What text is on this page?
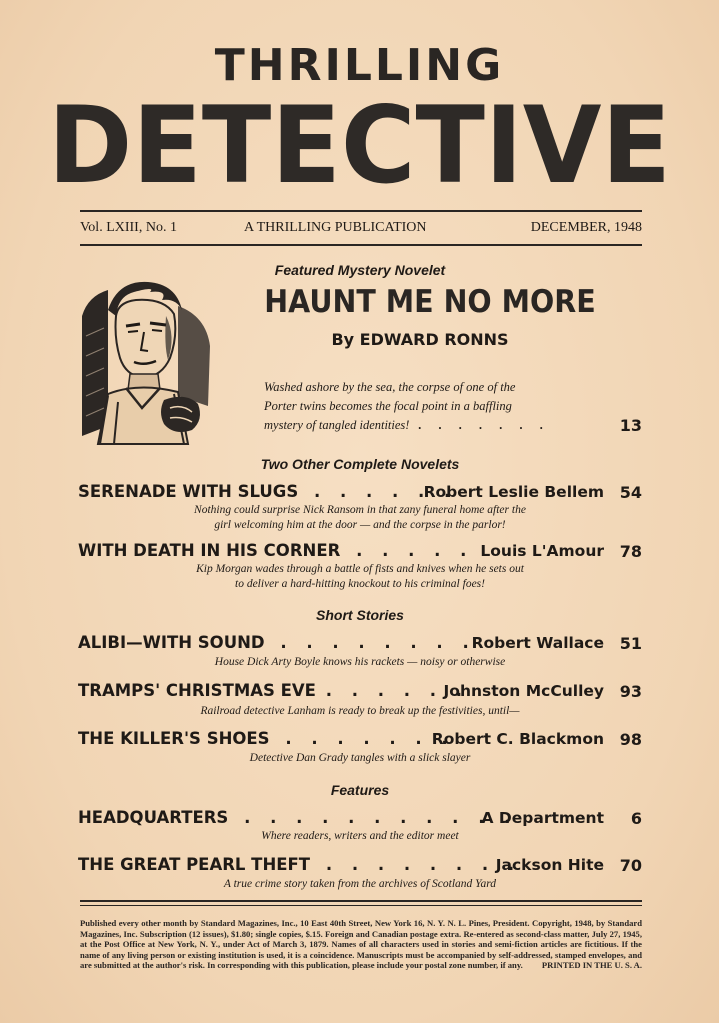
THRILLING
DETECTIVE
Vol. LXIII, No. 1	A THRILLING PUBLICATION	DECEMBER, 1948
Featured Mystery Novelet
HAUNT ME NO MORE
By EDWARD RONNS
Washed ashore by the sea, the corpse of one of the
Porter twins becomes the focal point in a baffling
mystery of tangled identities! . . . . . . .	13
Two Other Complete Novelets
SERENADE WITH SLUGS . . . . . .
Robert Leslie Bellem 54
Nothing could surprise Nick Ransom in that zany funeral home after the
girl welcoming him at the door — and the corpse in the parlor!
WITH DEATH IN HIS CORNER . . . . . Louis L'Amour 78
Kip Morgan wades through a battle of fists and knives when he sets out
to deliver a hard-hitting knockout to his criminal foes!
Short Stories
ALIBI—WITH SOUND . . . . . . . .
Robert Wallace 51
House Dick Arty Boyle knows his rackets — noisy or otherwise
TRAMPS' CHRISTMAS EVE . . . . . .
Johnston McCulley 93
Railroad detective Lanham is ready to break up the festivities, until—
THE KILLER'S SHOES . . . . . . .
Robert C. Blackmon 98
Detective Dan Grady tangles with a slick slayer
Features
HEADQUARTERS . . . . . . . . . . .
A Department	6
Where readers, writers and the editor meet
THE GREAT PEARL THEFT . . . . . . . .
Jackson Hite 70
A true crime story taken from the archives of Scotland Yard
Published every other month by Standard Magazines, Inc., 10 East 40th Street, New York 16, N. Y. N. L. Pines, President. Copyright, 1948, by Standard Magazines, Inc. Subscription (12 issues), $1.80; single copies, $.15. Foreign and Canadian postage extra. Re-entered as second-class matter, July 27, 1945, at the Post Office at New York, N. Y., under Act of March 3, 1879. Names of all characters used in stories and semi-fiction articles are fictitious. If the name of any living person or existing institution is used, it is a coincidence. Manuscripts must be accompanied by self-addressed, stamped envelopes, and are submitted at the author's risk. In corresponding with this publication, please include your postal zone number, if any. PRINTED IN THE U. S. A.
